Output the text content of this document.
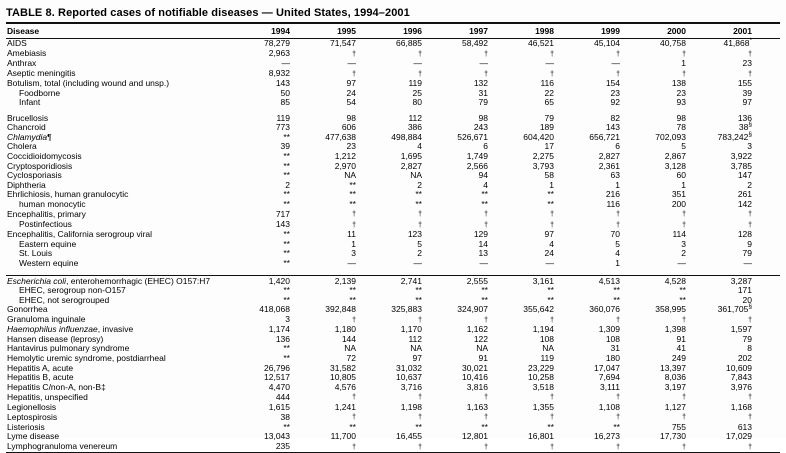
TABLE 8. Reported cases of notifiable diseases — United States, 1994–2001
Disease	1994	1995	1996	1997	1998	1999	2000	2001
AIDS	78,279	71,547	66,885	58,492	46,521	45,104	40,758	41,868*
Amebiasis	2,963	†	†	†	†	†	†	†
Anthrax	—	—	—	—	—	—	1	23
Aseptic meningitis	8,932	†	†	†	†	†	†	†
Botulism, total (including wound and unsp.)	143	97	119	132	116	154	138	155
Foodborne	50	24	25	31	22	23	23	39
Infant	85	54	80	79	65	92	93	97

Brucellosis	119	98	112	98	79	82	98	136
Chancroid	773	606	386	243	189	143	78	38§
Chlamydia¶	**	477,638	498,884	526,671	604,420	656,721	702,093	783,242§
Cholera	39	23	4	6	17	6	5	3
Coccidioidomycosis	**	1,212	1,695	1,749	2,275	2,827	2,867	3,922
Cryptosporidiosis	**	2,970	2,827	2,566	3,793	2,361	3,128	3,785
Cyclosporiasis	**	NA	NA	94	58	63	60	147
Diphtheria	2	**	2	4	1	1	1	2
Ehrlichiosis, human granulocytic	**	**	**	**	**	216	351	261
human monocytic	**	**	**	**	**	116	200	142
Encephalitis, primary	717	†	†	†	†	†	†	†
Postinfectious	143	†	†	†	†	†	†	†
Encephalitis, California serogroup viral	**	11	123	129	97	70	114	128
Eastern equine	**	1	5	14	4	5	3	9
St. Louis	**	3	2	13	24	4	2	79
Western equine	**	—	—	—	—	1	—	—

Escherichia coli, enterohemorrhagic (EHEC) O157:H7	1,420	2,139	2,741	2,555	3,161	4,513	4,528	3,287
EHEC, serogroup non-O157	**	**	**	**	**	**	**	171
EHEC, not serogrouped	**	**	**	**	**	**	**	20
Gonorrhea	418,068	392,848	325,883	324,907	355,642	360,076	358,995	361,705§
Granuloma inguinale	3	†	†	†	†	†	†	†
Haemophilus influenzae, invasive	1,174	1,180	1,170	1,162	1,194	1,309	1,398	1,597
Hansen disease (leprosy)	136	144	112	122	108	108	91	79
Hantavirus pulmonary syndrome	**	NA	NA	NA	NA	31	41	8
Hemolytic uremic syndrome, postdiarrheal	**	72	97	91	119	180	249	202
Hepatitis A, acute	26,796	31,582	31,032	30,021	23,229	17,047	13,397	10,609
Hepatitis B, acute	12,517	10,805	10,637	10,416	10,258	7,694	8,036	7,843
Hepatitis C/non-A, non-B‡	4,470	4,576	3,716	3,816	3,518	3,111	3,197	3,976
Hepatitis, unspecified	444	†	†	†	†	†	†	†
Legionellosis	1,615	1,241	1,198	1,163	1,355	1,108	1,127	1,168
Leptospirosis	38	†	†	†	†	†	†	†
Listeriosis	**	**	**	**	**	**	755	613
Lyme disease	13,043	11,700	16,455	12,801	16,801	16,273	17,730	17,029
Lymphogranuloma venereum	235	†	†	†	†	†	†	†
